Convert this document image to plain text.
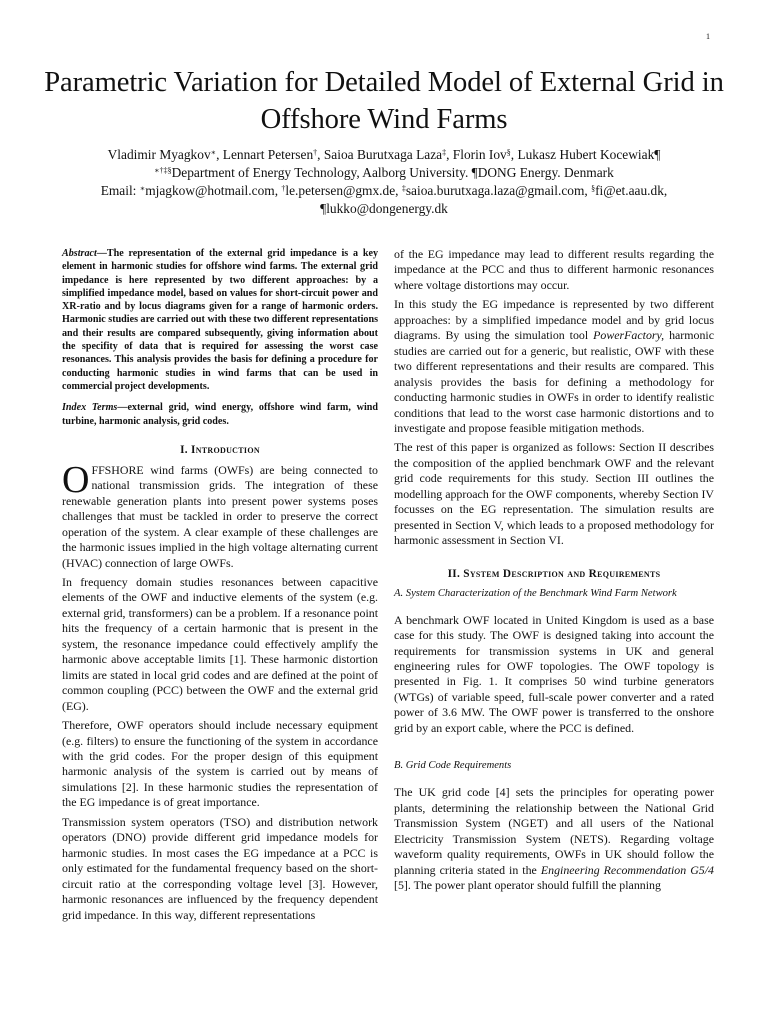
1
Parametric Variation for Detailed Model of External Grid in Offshore Wind Farms
Vladimir Myagkov∗, Lennart Petersen†, Saioa Burutxaga Laza‡, Florin Iov§, Lukasz Hubert Kocewiak¶
∗†‡§Department of Energy Technology, Aalborg University. ¶DONG Energy. Denmark
Email: ∗mjagkow@hotmail.com, †le.petersen@gmx.de, ‡saioa.burutxaga.laza@gmail.com, §fi@et.aau.dk,
¶lukko@dongenergy.dk

Abstract—The representation of the external grid impedance is a key element in harmonic studies for offshore wind farms. The external grid impedance is here represented by two different approaches: by a simplified impedance model, based on values for short-circuit power and XR-ratio and by locus diagrams given for a range of harmonic orders. Harmonic studies are carried out with these two different representations and their results are compared subsequently, giving information about the specifity of data that is required for assessing the worst case resonances. This analysis provides the basis for defining a procedure for conducting harmonic studies in wind farms that can be used in commercial project developments.

Index Terms—external grid, wind energy, offshore wind farm, wind turbine, harmonic analysis, grid codes.

I. Introduction

OFFSHORE wind farms (OWFs) are being connected to national transmission grids. The integration of these renewable generation plants into present power systems poses challenges that must be tackled in order to preserve the correct operation of the system. A clear example of these challenges are the harmonic issues implied in the high voltage alternating current (HVAC) connection of large OWFs.

In frequency domain studies resonances between capacitive elements of the OWF and inductive elements of the system (e.g. external grid, transformers) can be a problem. If a resonance point hits the frequency of a certain harmonic that is present in the system, the resonance impedance could effectively amplify the harmonic above acceptable limits [1]. These harmonic distortion limits are stated in local grid codes and are defined at the point of common coupling (PCC) between the OWF and the external grid (EG).

Therefore, OWF operators should include necessary equipment (e.g. filters) to ensure the functioning of the system in accordance with the grid codes. For the proper design of this equipment harmonic analysis of the system is carried out by means of simulations [2]. In these harmonic studies the representation of the EG impedance is of great importance.

Transmission system operators (TSO) and distribution network operators (DNO) provide different grid impedance models for harmonic studies. In most cases the EG impedance at a PCC is only estimated for the fundamental frequency based on the short-circuit ratio at the corresponding voltage level [3]. However, harmonic resonances are influenced by the frequency dependent grid impedance. In this way, different representations

of the EG impedance may lead to different results regarding the impedance at the PCC and thus to different harmonic resonances where voltage distortions may occur.

In this study the EG impedance is represented by two different approaches: by a simplified impedance model and by grid locus diagrams. By using the simulation tool PowerFactory, harmonic studies are carried out for a generic, but realistic, OWF with these two different representations and their results are compared. This analysis provides the basis for defining a methodology for conducting harmonic studies in OWFs in order to identify realistic conditions that lead to the worst case harmonic distortions and to investigate and propose feasible mitigation methods.

The rest of this paper is organized as follows: Section II describes the composition of the applied benchmark OWF and the relevant grid code requirements for this study. Section III outlines the modelling approach for the OWF components, whereby Section IV focusses on the EG representation. The simulation results are presented in Section V, which leads to a proposed methodology for harmonic assessment in Section VI.

II. System Description and Requirements

A. System Characterization of the Benchmark Wind Farm Network

A benchmark OWF located in United Kingdom is used as a base case for this study. The OWF is designed taking into account the requirements for transmission systems in UK and general engineering rules for OWF topologies. The OWF topology is presented in Fig. 1. It comprises 50 wind turbine generators (WTGs) of variable speed, full-scale power converter and a rated power of 3.6 MW. The OWF power is transferred to the onshore grid by an export cable, where the PCC is defined.

B. Grid Code Requirements

The UK grid code [4] sets the principles for operating power plants, determining the relationship between the National Grid Transmission System (NGET) and all users of the National Electricity Transmission System (NETS). Regarding voltage waveform quality requirements, OWFs in UK should follow the planning criteria stated in the Engineering Recommendation G5/4 [5]. The power plant operator should fulfill the planning
